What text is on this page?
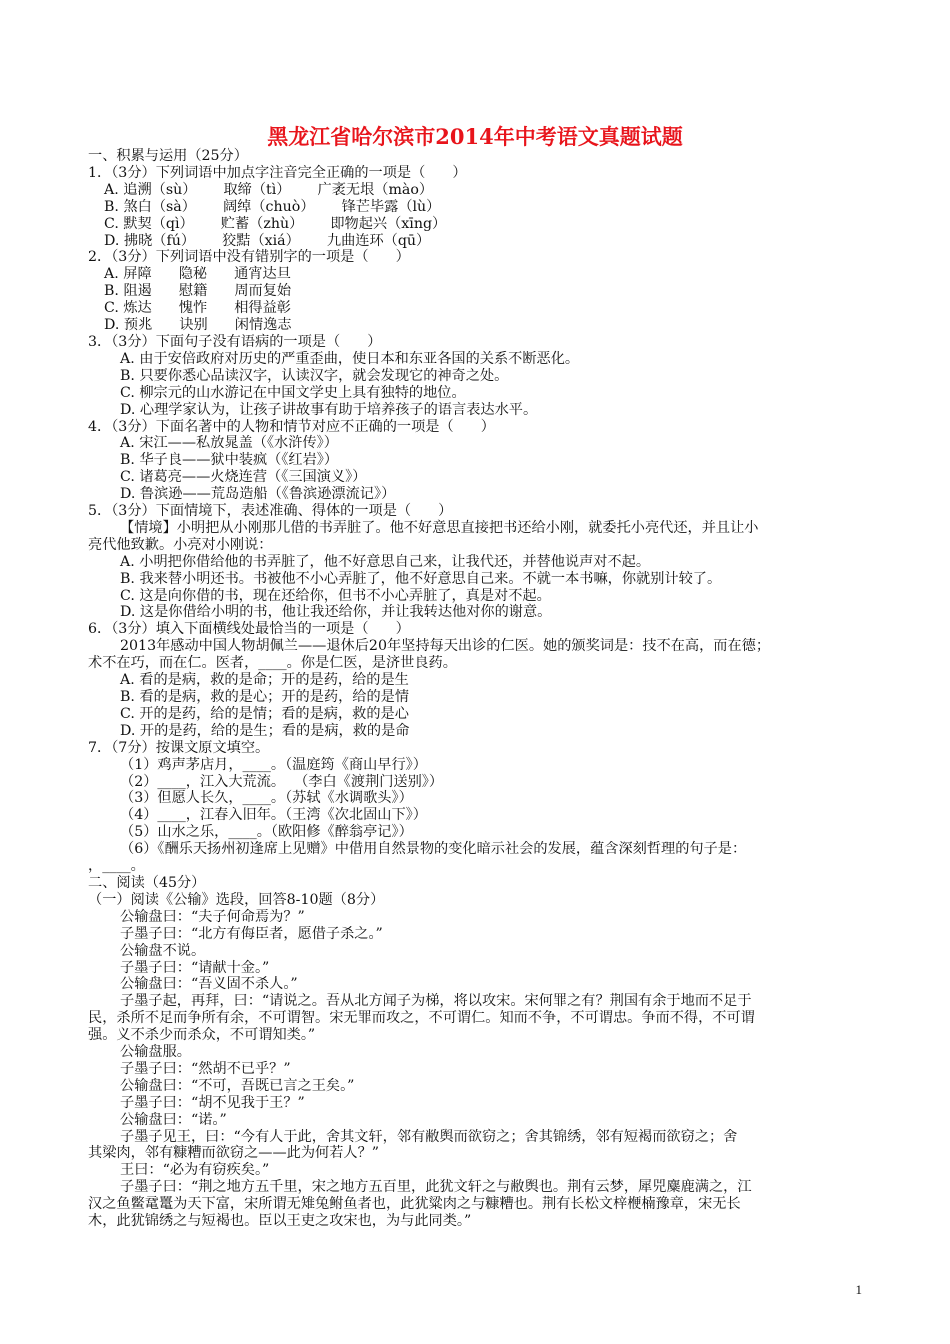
黑龙江省哈尔滨市2014年中考语文真题试题
一、积累与运用（25分）
1．（3分）下列词语中加点字注音完全正确的一项是（      ）
A. 追溯（sù）      取缔（tì）      广袤无垠（mào）
B. 煞白（sà）      阔绰（chuò）      锋芒毕露（lù）
C. 默契（qì）      贮蓄（zhù）      即物起兴（xīng）
D. 拂晓（fú）      狡黠（xiá）      九曲连环（qū）
2．（3分）下列词语中没有错别字的一项是（      ）
A. 屏障      隐秘      通宵达旦
B. 阻遏      慰籍      周而复始
C. 炼达      愧怍      相得益彰
D. 预兆      诀别      闲情逸志
3．（3分）下面句子没有语病的一项是（      ）
A. 由于安倍政府对历史的严重歪曲，使日本和东亚各国的关系不断恶化。
B. 只要你悉心品读汉字，认读汉字，就会发现它的神奇之处。
C. 柳宗元的山水游记在中国文学史上具有独特的地位。
D. 心理学家认为，让孩子讲故事有助于培养孩子的语言表达水平。
4．（3分）下面名著中的人物和情节对应不正确的一项是（      ）
A. 宋江——私放晁盖（《水浒传》）
B. 华子良——狱中装疯（《红岩》）
C. 诸葛亮——火烧连营（《三国演义》）
D. 鲁滨逊——荒岛造船（《鲁滨逊漂流记》）
5．（3分）下面情境下，表述准确、得体的一项是（      ）
【情境】小明把从小刚那儿借的书弄脏了。他不好意思直接把书还给小刚，就委托小亮代还，并且让小
亮代他致歉。小亮对小刚说：
A. 小明把你借给他的书弄脏了，他不好意思自己来，让我代还，并替他说声对不起。
B. 我来替小明还书。书被他不小心弄脏了，他不好意思自己来。不就一本书嘛，你就别计较了。
C. 这是向你借的书，现在还给你，但书不小心弄脏了，真是对不起。
D. 这是你借给小明的书，他让我还给你，并让我转达他对你的谢意。
6．（3分）填入下面横线处最恰当的一项是（      ）
2013年感动中国人物胡佩兰——退休后20年坚持每天出诊的仁医。她的颁奖词是：技不在高，而在德；
术不在巧，而在仁。医者，____。你是仁医，是济世良药。
A. 看的是病，救的是命；开的是药，给的是生
B. 看的是病，救的是心；开的是药，给的是情
C. 开的是药，给的是情；看的是病，救的是心
D. 开的是药，给的是生；看的是病，救的是命
7．（7分）按课文原文填空。
（1）鸡声茅店月，____。（温庭筠《商山早行》）
（2）____，江入大荒流。  （李白《渡荆门送别》）
（3）但愿人长久，____。（苏轼《水调歌头》）
（4）____，江春入旧年。（王湾《次北固山下》）
（5）山水之乐，____。（欧阳修《醉翁亭记》）
（6）《酬乐天扬州初逢席上见赠》中借用自然景物的变化暗示社会的发展，蕴含深刻哲理的句子是：
，____。
二、阅读（45分）
（一）阅读《公输》选段，回答8-10题（8分）
公输盘曰：“夫子何命焉为？”
子墨子曰：“北方有侮臣者，愿借子杀之。”
公输盘不说。
子墨子曰：“请献十金。”
公输盘曰：“吾义固不杀人。”
子墨子起，再拜，曰：“请说之。吾从北方闻子为梯，将以攻宋。宋何罪之有？荆国有余于地而不足于
民，杀所不足而争所有余，不可谓智。宋无罪而攻之，不可谓仁。知而不争，不可谓忠。争而不得，不可谓
强。义不杀少而杀众，不可谓知类。”
公输盘服。
子墨子曰：“然胡不已乎？”
公输盘曰：“不可，吾既已言之王矣。”
子墨子曰：“胡不见我于王？”
公输盘曰：“诺。”
子墨子见王，曰：“今有人于此，舍其文轩，邻有敝舆而欲窃之；舍其锦绣，邻有短褐而欲窃之；舍
其梁肉，邻有糠糟而欲窃之——此为何若人？”
王曰：“必为有窃疾矣。”
子墨子曰：“荆之地方五千里，宋之地方五百里，此犹文轩之与敝舆也。荆有云梦，犀兕麋鹿满之，江
汉之鱼鳖鼋鼍为天下富，宋所谓无雉兔鲋鱼者也，此犹粱肉之与糠糟也。荆有长松文梓楩楠豫章，宋无长
木，此犹锦绣之与短褐也。臣以王吏之攻宋也，为与此同类。”
1
